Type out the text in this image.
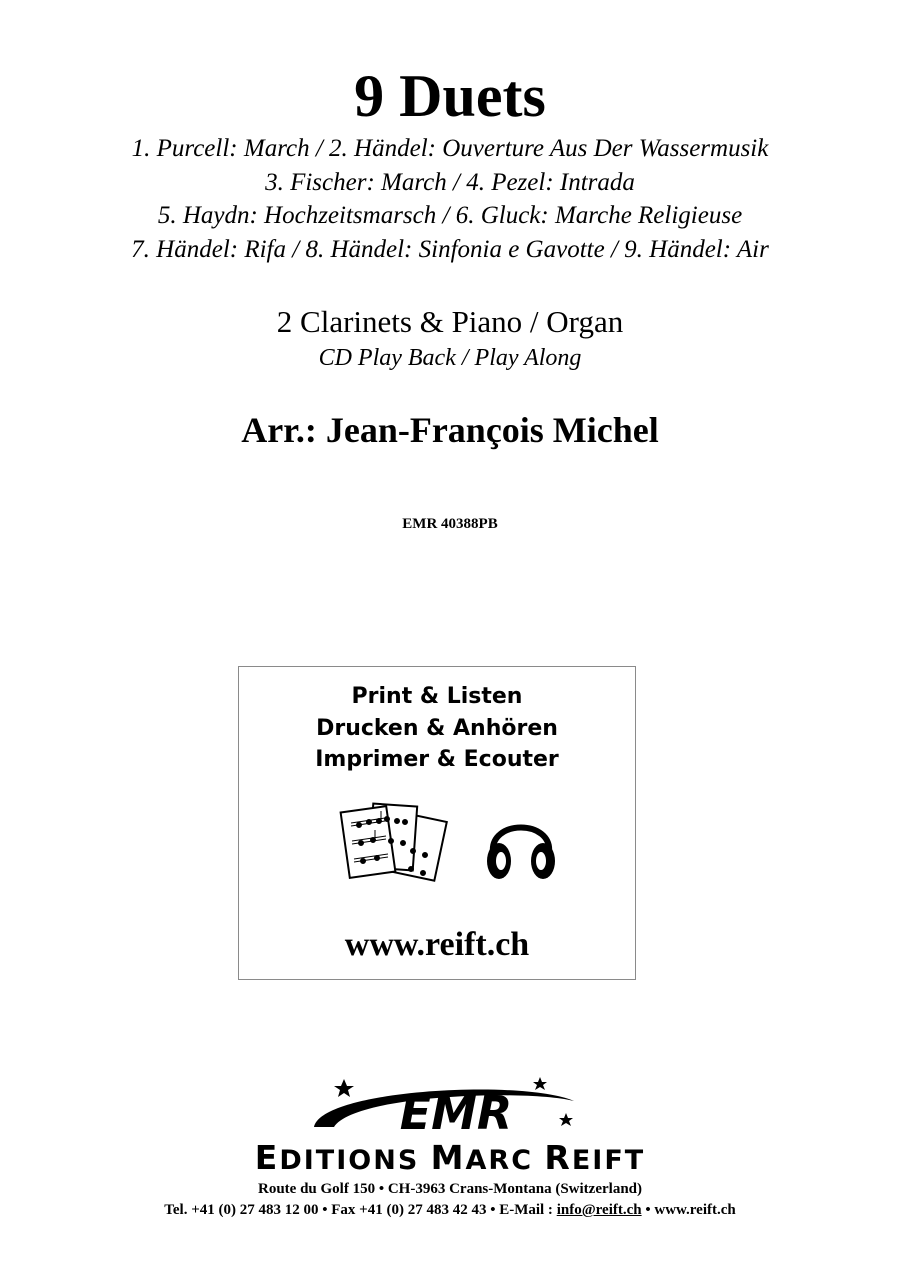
9 Duets
1. Purcell: March / 2. Händel: Ouverture Aus Der Wassermusik
3. Fischer: March / 4. Pezel: Intrada
5. Haydn: Hochzeitsmarsch / 6. Gluck: Marche Religieuse
7. Händel: Rifa / 8. Händel: Sinfonia e Gavotte / 9. Händel: Air
2 Clarinets & Piano / Organ
CD Play Back / Play Along
Arr.: Jean-François Michel
EMR 40388PB
Print & Listen
Drucken & Anhören
Imprimer & Ecouter
www.reift.ch
EMR
EDITIONS MARC REIFT
Route du Golf 150 • CH-3963 Crans-Montana (Switzerland)
Tel. +41 (0) 27 483 12 00 • Fax +41 (0) 27 483 42 43 • E-Mail : info@reift.ch • www.reift.ch
